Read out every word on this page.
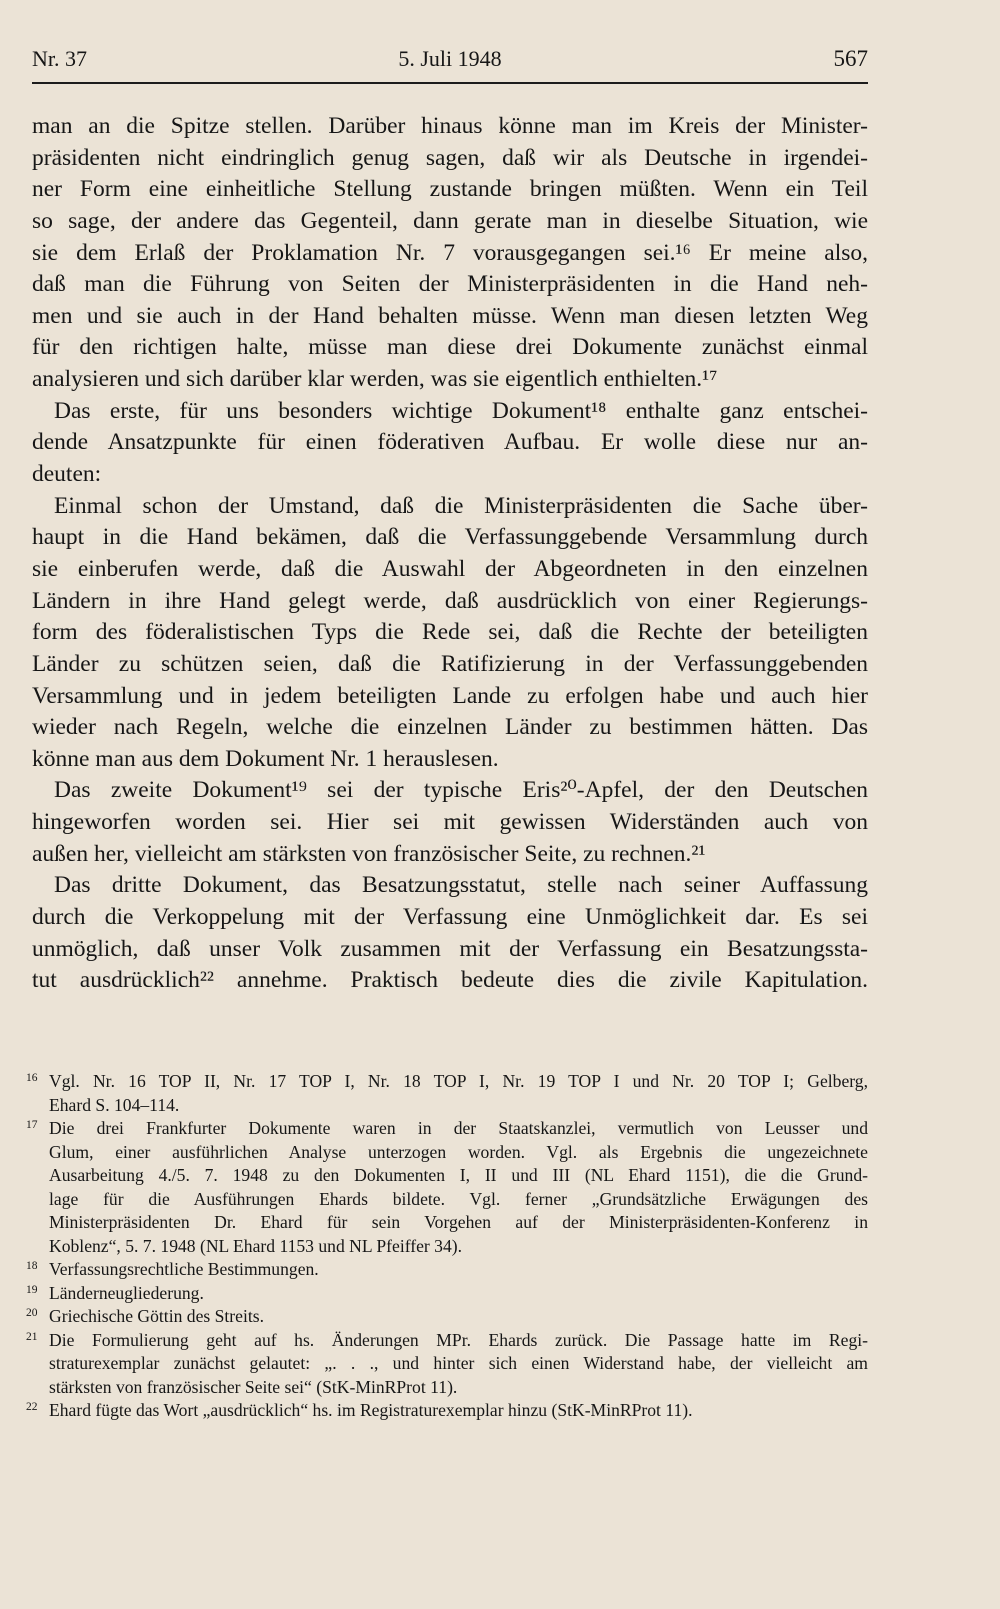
Nr. 37	5. Juli 1948	567
man an die Spitze stellen. Darüber hinaus könne man im Kreis der Minister-
präsidenten nicht eindringlich genug sagen, daß wir als Deutsche in irgendei-
ner Form eine einheitliche Stellung zustande bringen müßten. Wenn ein Teil
so sage, der andere das Gegenteil, dann gerate man in dieselbe Situation, wie
sie dem Erlaß der Proklamation Nr. 7 vorausgegangen sei.¹⁶ Er meine also,
daß man die Führung von Seiten der Ministerpräsidenten in die Hand neh-
men und sie auch in der Hand behalten müsse. Wenn man diesen letzten Weg
für den richtigen halte, müsse man diese drei Dokumente zunächst einmal
analysieren und sich darüber klar werden, was sie eigentlich enthielten.¹⁷
Das erste, für uns besonders wichtige Dokument¹⁸ enthalte ganz entschei-
dende Ansatzpunkte für einen föderativen Aufbau. Er wolle diese nur an-
deuten:
Einmal schon der Umstand, daß die Ministerpräsidenten die Sache über-
haupt in die Hand bekämen, daß die Verfassunggebende Versammlung durch
sie einberufen werde, daß die Auswahl der Abgeordneten in den einzelnen
Ländern in ihre Hand gelegt werde, daß ausdrücklich von einer Regierungs-
form des föderalistischen Typs die Rede sei, daß die Rechte der beteiligten
Länder zu schützen seien, daß die Ratifizierung in der Verfassunggebenden
Versammlung und in jedem beteiligten Lande zu erfolgen habe und auch hier
wieder nach Regeln, welche die einzelnen Länder zu bestimmen hätten. Das
könne man aus dem Dokument Nr. 1 herauslesen.
Das zweite Dokument¹⁹ sei der typische Eris²⁰-Apfel, der den Deutschen
hingeworfen worden sei. Hier sei mit gewissen Widerständen auch von
außen her, vielleicht am stärksten von französischer Seite, zu rechnen.²¹
Das dritte Dokument, das Besatzungsstatut, stelle nach seiner Auffassung
durch die Verkoppelung mit der Verfassung eine Unmöglichkeit dar. Es sei
unmöglich, daß unser Volk zusammen mit der Verfassung ein Besatzungssta-
tut ausdrücklich²² annehme. Praktisch bedeute dies die zivile Kapitulation.
16 Vgl. Nr. 16 TOP II, Nr. 17 TOP I, Nr. 18 TOP I, Nr. 19 TOP I und Nr. 20 TOP I; Gelberg,
Ehard S. 104–114.
17 Die drei Frankfurter Dokumente waren in der Staatskanzlei, vermutlich von Leusser und
Glum, einer ausführlichen Analyse unterzogen worden. Vgl. als Ergebnis die ungezeichnete
Ausarbeitung 4./5. 7. 1948 zu den Dokumenten I, II und III (NL Ehard 1151), die die Grund-
lage für die Ausführungen Ehards bildete. Vgl. ferner „Grundsätzliche Erwägungen des
Ministerpräsidenten Dr. Ehard für sein Vorgehen auf der Ministerpräsidenten-Konferenz in
Koblenz“, 5. 7. 1948 (NL Ehard 1153 und NL Pfeiffer 34).
18 Verfassungsrechtliche Bestimmungen.
19 Länderneugliederung.
20 Griechische Göttin des Streits.
21 Die Formulierung geht auf hs. Änderungen MPr. Ehards zurück. Die Passage hatte im Regi-
straturexemplar zunächst gelautet: „. . ., und hinter sich einen Widerstand habe, der vielleicht am
stärksten von französischer Seite sei“ (StK-MinRProt 11).
22 Ehard fügte das Wort „ausdrücklich“ hs. im Registraturexemplar hinzu (StK-MinRProt 11).
